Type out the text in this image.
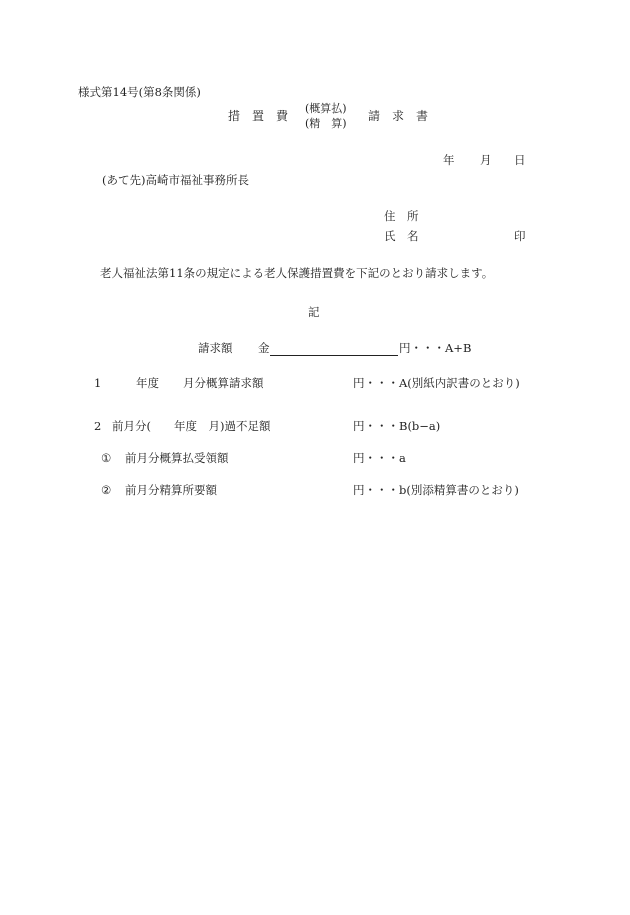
様式第14号(第8条関係)
措　置　費
(概算払)
(精　算)
請　求　書
年 月 日
(あて先)高崎市福祉事務所長
住　所
氏　名	印
老人福祉法第11条の規定による老人保護措置費を下記のとおり請求します。
記
請求額 金	円・・・A+B
1	年度 月分概算請求額	円・・・A(別紙内訳書のとおり)
2 前月分(　　年度　月)過不足額	円・・・B(b−a)
① 前月分概算払受領額	円・・・a
② 前月分精算所要額	円・・・b(別添精算書のとおり)
